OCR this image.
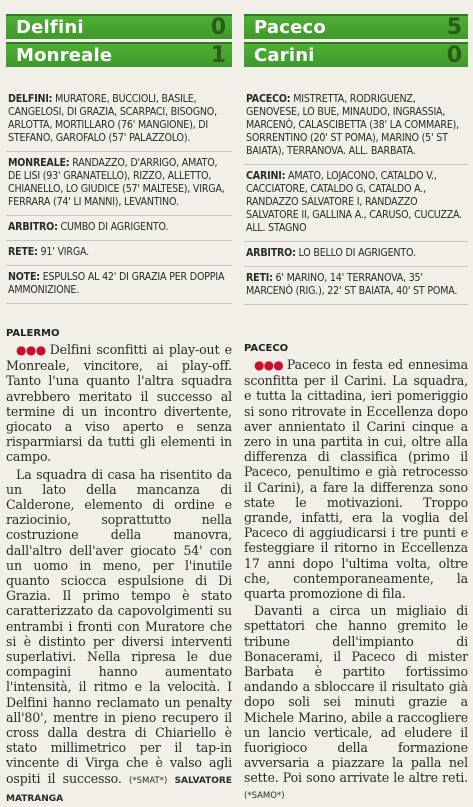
Delfini	0
Monreale	1
DELFINI: MURATORE, BUCCIOLI, BASILE, CANGELOSI, DI GRAZIA, SCARPACI, BISOGNO, ARLOTTA, MORTILLARO (76' MANGIONE), DI STEFANO, GAROFALO (57' PALAZZOLO).
MONREALE: RANDAZZO, D'ARRIGO, AMATO, DE LISI (93' GRANATELLO), RIZZO, ALLETTO, CHIANELLO, LO GIUDICE (57' MALTESE), VIRGA, FERRARA (74' LI MANNI), LEVANTINO.
ARBITRO: CUMBO DI AGRIGENTO.
RETE: 91' VIRGA.
NOTE: ESPULSO AL 42' DI GRAZIA PER DOPPIA AMMONIZIONE.
PALERMO

●●● Delfini sconfitti ai play-out e Monreale, vincitore, ai play-off. Tanto l'una quanto l'altra squadra avrebbero meritato il successo al termine di un incontro divertente, giocato a viso aperto e senza risparmiarsi da tutti gli elementi in campo.

La squadra di casa ha risentito da un lato della mancanza di Calderone, elemento di ordine e raziocinio, soprattutto nella costruzione della manovra, dall'altro dell'aver giocato 54' con un uomo in meno, per l'inutile quanto sciocca espulsione di Di Grazia. Il primo tempo è stato caratterizzato da capovolgimenti su entrambi i fronti con Muratore che si è distinto per diversi interventi superlativi. Nella ripresa le due compagini hanno aumentato l'intensità, il ritmo e la velocità. I Delfini hanno reclamato un penalty all'80', mentre in pieno recupero il cross dalla destra di Chiariello è stato millimetrico per il tap-in vincente di Virga che è valso agli ospiti il successo. (*SMAT*) SALVATORE MATRANGA

Paceco	5
Carini	0
PACECO: MISTRETTA, RODRIGUENZ, GENOVESE, LO BUE, MINAUDO, INGRASSIA, MARCENÒ, CALASCIBETTA (38' LA COMMARE), SORRENTINO (20' ST POMA), MARINO (5' ST BAIATA), TERRANOVA. ALL. BARBATA.
CARINI: AMATO, LOJACONO, CATALDO V., CACCIATORE, CATALDO G, CATALDO A., RANDAZZO SALVATORE I, RANDAZZO SALVATORE II, GALLINA A., CARUSO, CUCUZZA. ALL. STAGNO
ARBITRO: LO BELLO DI AGRIGENTO.
RETI: 6' MARINO, 14' TERRANOVA, 35' MARCENÒ (RIG.), 22' ST BAIATA, 40' ST POMA.
PACECO

●●● Paceco in festa ed ennesima sconfitta per il Carini. La squadra, e tutta la cittadina, ieri pomeriggio si sono ritrovate in Eccellenza dopo aver annientato il Carini cinque a zero in una partita in cui, oltre alla differenza di classifica (primo il Paceco, penultimo e già retrocesso il Carini), a fare la differenza sono state le motivazioni. Troppo grande, infatti, era la voglia del Paceco di aggiudicarsi i tre punti e festeggiare il ritorno in Eccellenza 17 anni dopo l'ultima volta, oltre che, contemporaneamente, la quarta promozione di fila.

Davanti a circa un migliaio di spettatori che hanno gremito le tribune dell'impianto di Bonacerami, il Paceco di mister Barbata è partito fortissimo andando a sbloccare il risultato già dopo soli sei minuti grazie a Michele Marino, abile a raccogliere un lancio verticale, ad eludere il fuorigioco della formazione avversaria a piazzare la palla nel sette. Poi sono arrivate le altre reti. (*SAMO*)
